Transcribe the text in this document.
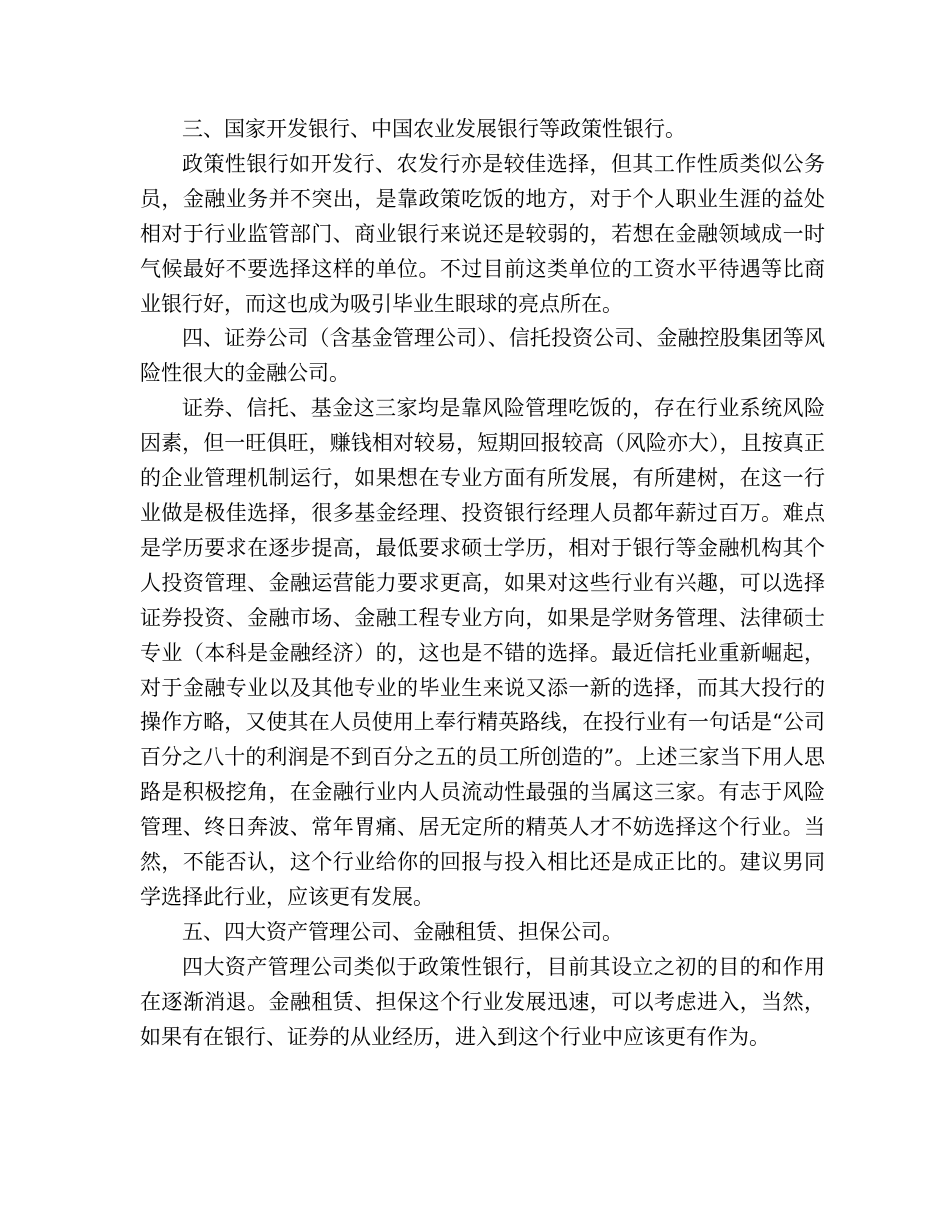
三、国家开发银行、中国农业发展银行等政策性银行。

政策性银行如开发行、农发行亦是较佳选择，但其工作性质类似公务员，金融业务并不突出，是靠政策吃饭的地方，对于个人职业生涯的益处相对于行业监管部门、商业银行来说还是较弱的，若想在金融领域成一时气候最好不要选择这样的单位。不过目前这类单位的工资水平待遇等比商业银行好，而这也成为吸引毕业生眼球的亮点所在。

四、证券公司（含基金管理公司）、信托投资公司、金融控股集团等风险性很大的金融公司。

证券、信托、基金这三家均是靠风险管理吃饭的，存在行业系统风险因素，但一旺俱旺，赚钱相对较易，短期回报较高（风险亦大），且按真正的企业管理机制运行，如果想在专业方面有所发展，有所建树，在这一行业做是极佳选择，很多基金经理、投资银行经理人员都年薪过百万。难点是学历要求在逐步提高，最低要求硕士学历，相对于银行等金融机构其个人投资管理、金融运营能力要求更高，如果对这些行业有兴趣，可以选择证券投资、金融市场、金融工程专业方向，如果是学财务管理、法律硕士专业（本科是金融经济）的，这也是不错的选择。最近信托业重新崛起，对于金融专业以及其他专业的毕业生来说又添一新的选择，而其大投行的操作方略，又使其在人员使用上奉行精英路线，在投行业有一句话是“公司百分之八十的利润是不到百分之五的员工所创造的”。上述三家当下用人思路是积极挖角，在金融行业内人员流动性最强的当属这三家。有志于风险管理、终日奔波、常年胃痛、居无定所的精英人才不妨选择这个行业。当然，不能否认，这个行业给你的回报与投入相比还是成正比的。建议男同学选择此行业，应该更有发展。

五、四大资产管理公司、金融租赁、担保公司。

四大资产管理公司类似于政策性银行，目前其设立之初的目的和作用在逐渐消退。金融租赁、担保这个行业发展迅速，可以考虑进入，当然，如果有在银行、证券的从业经历，进入到这个行业中应该更有作为。
